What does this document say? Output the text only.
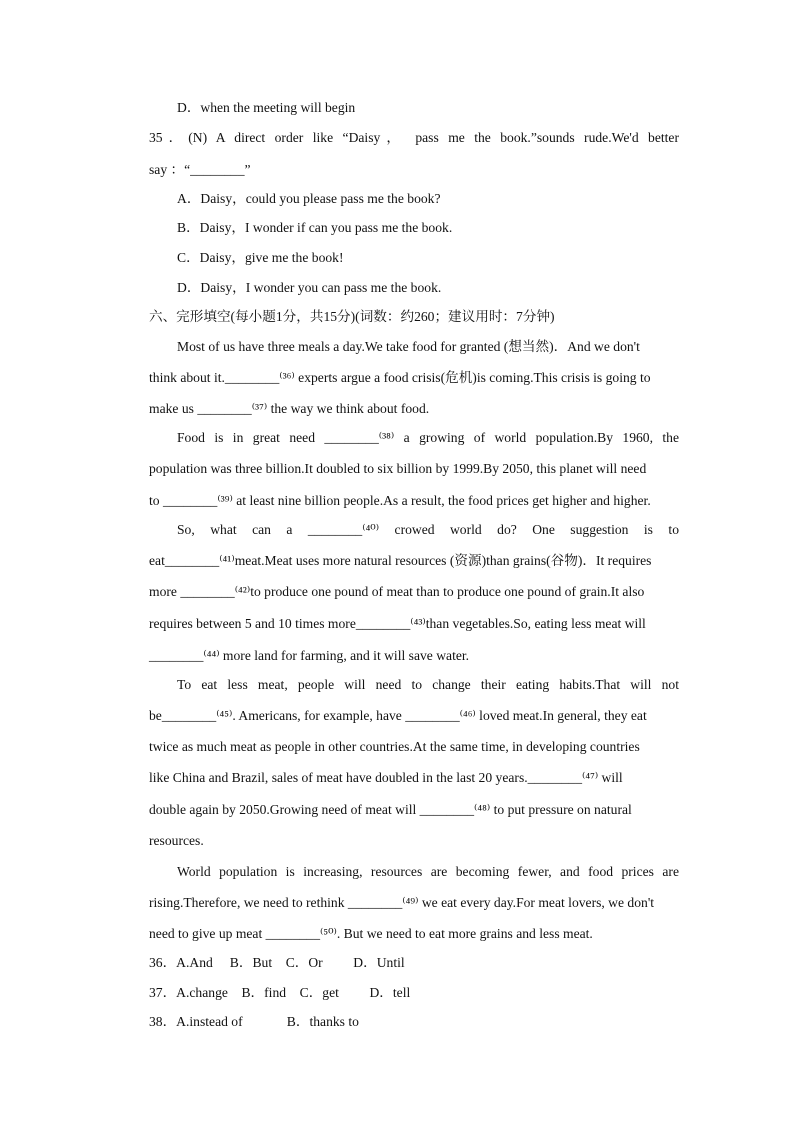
D．when the meeting will begin
35．(N) A direct order like “Daisy， pass me the book.”sounds rude.We'd better
say ：“________”
A．Daisy，could you please pass me the book?
B．Daisy，I wonder if can you pass me the book.
C．Daisy，give me the book!
D．Daisy，I wonder you can pass me the book.
六、完形填空(每小题1分，共15分)(词数：约260；建议用时：7分钟)
Most of us have three meals a day.We take food for granted (想当然)．And we don't
think about it.________⁽³⁶⁾ experts argue a food crisis(危机)is coming.This crisis is going to
make us ________⁽³⁷⁾ the way we think about food.
Food is in great need ________⁽³⁸⁾ a growing of world population.By 1960, the
population was three billion.It doubled to six billion by 1999.By 2050, this planet will need
to ________⁽³⁹⁾ at least nine billion people.As a result, the food prices get higher and higher.
So, what can a ________⁽⁴⁰⁾ crowed world do? One suggestion is to
eat________⁽⁴¹⁾meat.Meat uses more natural resources (资源)than grains(谷物)．It requires
more ________⁽⁴²⁾to produce one pound of meat than to produce one pound of grain.It also
requires between 5 and 10 times more________⁽⁴³⁾than vegetables.So, eating less meat will
________⁽⁴⁴⁾ more land for farming, and it will save water.
To eat less meat, people will need to change their eating habits.That will not
be________⁽⁴⁵⁾. Americans, for example, have ________⁽⁴⁶⁾ loved meat.In general, they eat
twice as much meat as people in other countries.At the same time, in developing countries
like China and Brazil, sales of meat have doubled in the last 20 years.________⁽⁴⁷⁾ will
double again by 2050.Growing need of meat will ________⁽⁴⁸⁾ to put pressure on natural
resources.
World population is increasing, resources are becoming fewer, and food prices are
rising.Therefore, we need to rethink ________⁽⁴⁹⁾ we eat every day.For meat lovers, we don't
need to give up meat ________⁽⁵⁰⁾. But we need to eat more grains and less meat.
36．A.And　 B．But　C．Or　　 D．Until
37．A.change　B．find　C．get　　 D．tell
38．A.instead of　　　 B．thanks to
